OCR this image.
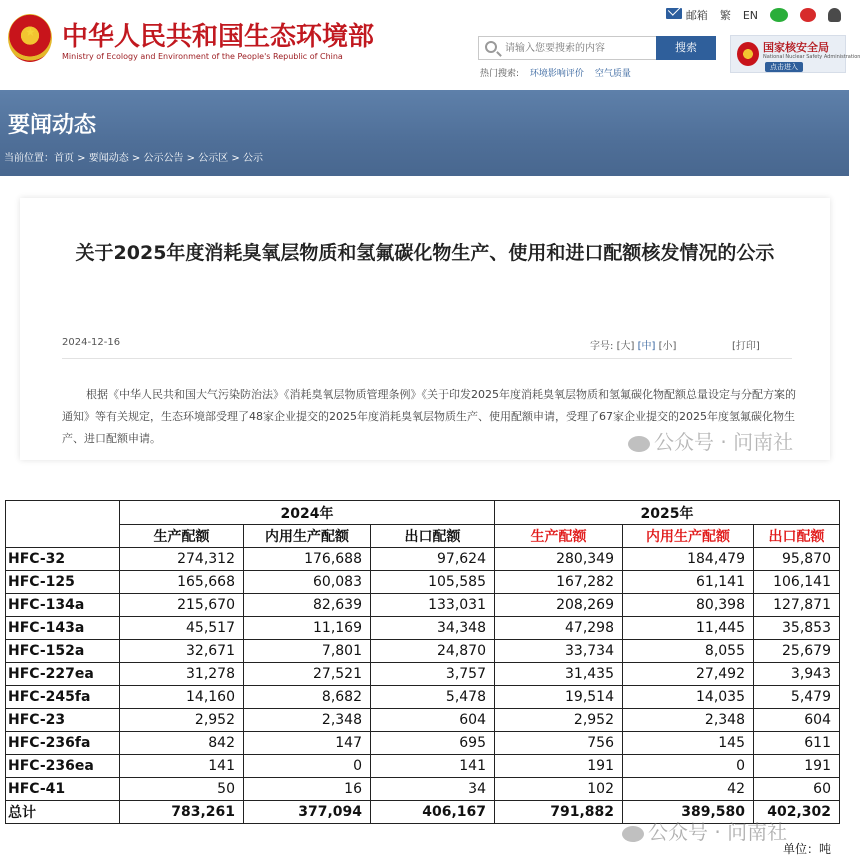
★ 中华人民共和国生态环境部
Ministry of Ecology and Environment of the People's Republic of China
邮箱 繁 EN
请输入您要搜索的内容
搜索
热门搜索: 环境影响评价 空气质量
国家核安全局
National Nuclear Safety Administration
点击进入
要闻动态
当前位置：首页 > 要闻动态 > 公示公告 > 公示区 > 公示
关于2025年度消耗臭氧层物质和氢氟碳化物生产、使用和进口配额核发情况的公示
2024-12-16	字号: [大] [中] [小]	[打印]
根据《中华人民共和国大气污染防治法》《消耗臭氧层物质管理条例》《关于印发2025年度消耗臭氧层物质和氢氟碳化物配额总量设定与分配方案的通知》等有关规定，生态环境部受理了48家企业提交的2025年度消耗臭氧层物质生产、使用配额申请，受理了67家企业提交的2025年度氢氟碳化物生产、进口配额申请。	公众号 · 问南社
	2024年			2025年		
	生产配额	内用生产配额	出口配额	生产配额	内用生产配额	出口配额
HFC-32	274,312	176,688	97,624	280,349	184,479	95,870
HFC-125	165,668	60,083	105,585	167,282	61,141	106,141
HFC-134a	215,670	82,639	133,031	208,269	80,398	127,871
HFC-143a	45,517	11,169	34,348	47,298	11,445	35,853
HFC-152a	32,671	7,801	24,870	33,734	8,055	25,679
HFC-227ea	31,278	27,521	3,757	31,435	27,492	3,943
HFC-245fa	14,160	8,682	5,478	19,514	14,035	5,479
HFC-23	2,952	2,348	604	2,952	2,348	604
HFC-236fa	842	147	695	756	145	611
HFC-236ea	141	0	141	191	0	191
HFC-41	50	16	34	102	42	60
总计	783,261	377,094	406,167	791,882	389,580	402,302
公众号 · 问南社
单位：吨
